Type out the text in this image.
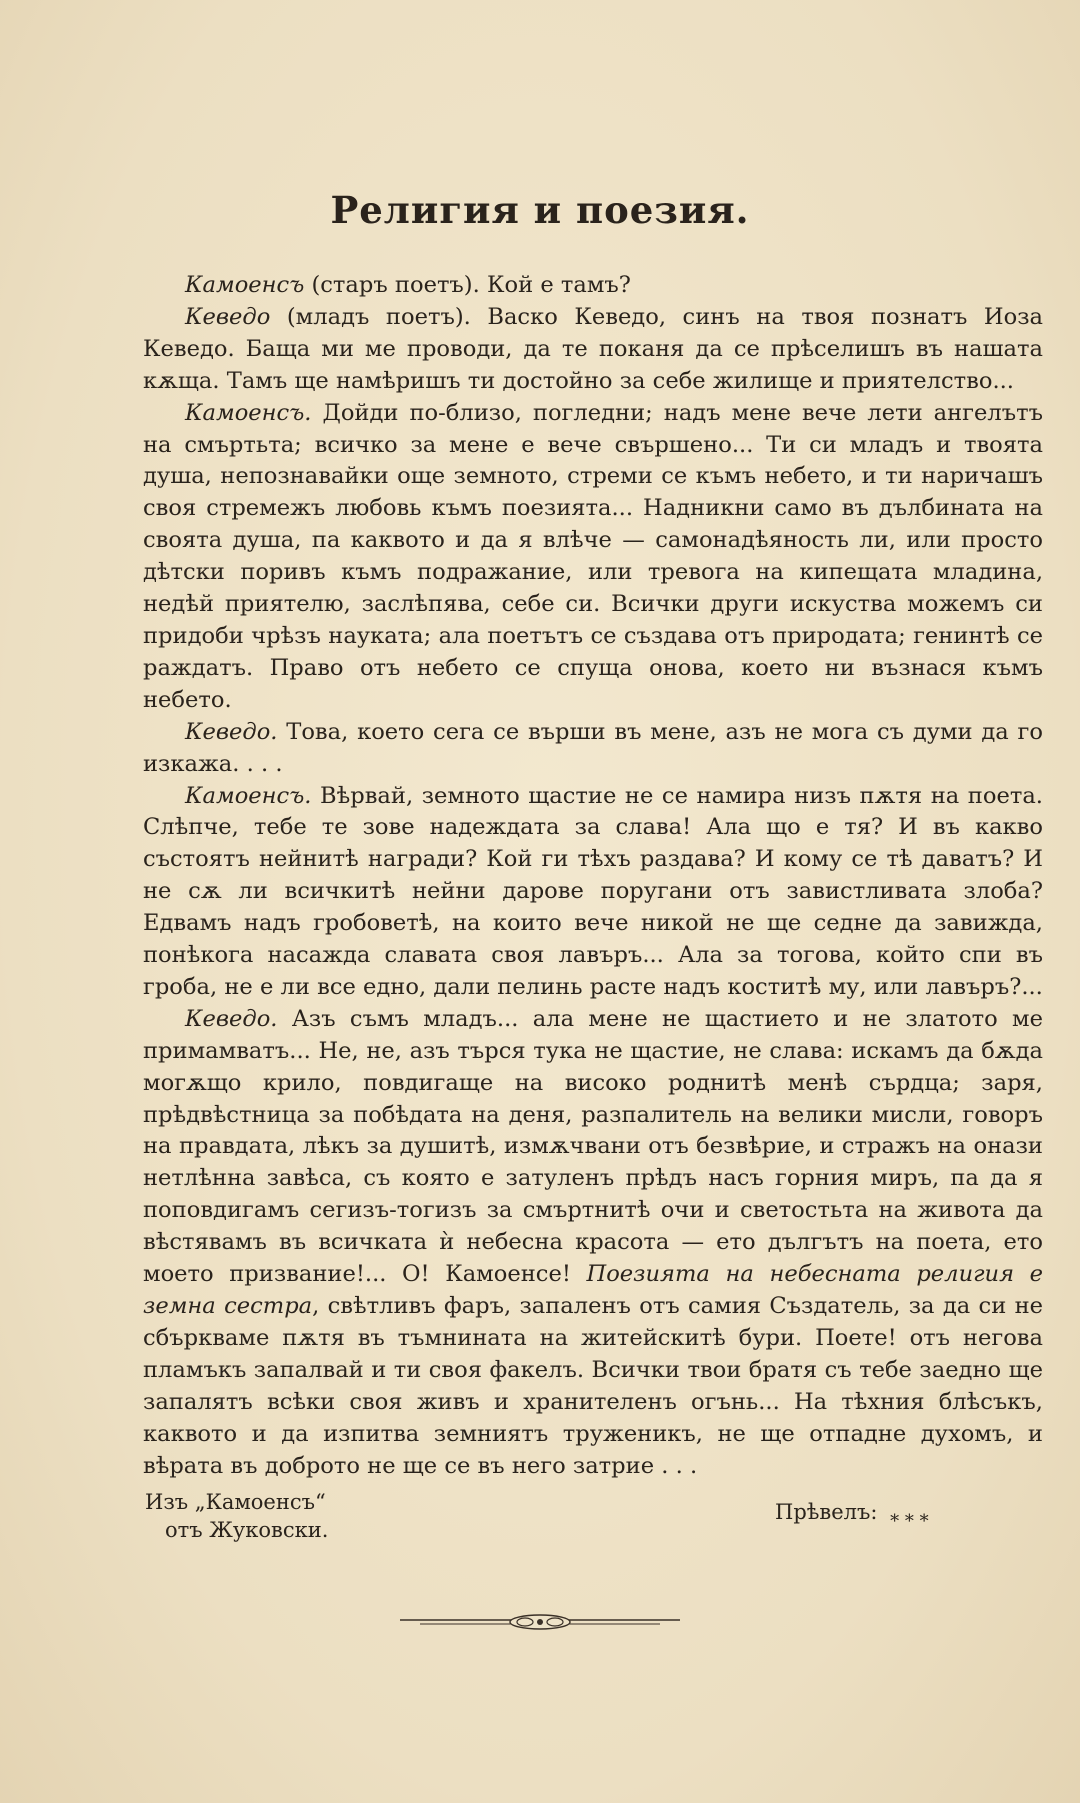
Религия и поезия.

Камоенсъ (старъ поетъ). Кой е тамъ?

Кеведо (младъ поетъ). Васко Кеведо, синъ на твоя познатъ Иоза Кеведо. Баща ми ме проводи, да те поканя да се прѣселишъ въ нашата кѫща. Тамъ ще намѣришъ ти достойно за себе жилище и приятелство...

Камоенсъ. Дойди по-близо, погледни; надъ мене вече лети ангелътъ на смъртьта; всичко за мене е вече свършено... Ти си младъ и твоята душа, непознавайки още земното, стреми се къмъ небето, и ти наричашъ своя стремежъ любовь къмъ поезията... Надникни само въ дълбината на своята душа, па каквото и да я влѣче — самонадѣяность ли, или просто дѣтски поривъ къмъ подражание, или тревога на кипещата младина, недѣй приятелю, заслѣпява, себе си. Всички други искуства можемъ си придоби чрѣзъ науката; ала поетътъ се създава отъ природата; генинтѣ се раждатъ. Право отъ небето се спуща онова, което ни възнася къмъ небето.

Кеведо. Това, което сега се върши въ мене, азъ не мога съ думи да го изкажа. . . .

Камоенсъ. Вѣрвай, земното щастие не се намира низъ пѫтя на поета. Слѣпче, тебе те зове надеждата за слава! Ала що е тя? И въ какво състоятъ нейнитѣ награди? Кой ги тѣхъ раздава? И кому се тѣ даватъ? И не сѫ ли всичкитѣ нейни дарове поругани отъ завистливата злоба? Едвамъ надъ гробоветѣ, на които вече никой не ще седне да завижда, понѣкога насажда славата своя лавъръ... Ала за тогова, който спи въ гроба, не е ли все едно, дали пелинь расте надъ коститѣ му, или лавъръ?...

Кеведо. Азъ съмъ младъ... ала мене не щастието и не златото ме примамватъ... Не, не, азъ търся тука не щастие, не слава: искамъ да бѫда могѫщо крило, повдигаще на високо роднитѣ менѣ сърдца; заря, прѣдвѣстница за побѣдата на деня, разпалитель на велики мисли, говоръ на правдата, лѣкъ за душитѣ, измѫчвани отъ безвѣрие, и стражъ на онази нетлѣнна завѣса, съ която е затуленъ прѣдъ насъ горния миръ, па да я поповдигамъ сегизъ-тогизъ за смъртнитѣ очи и светостьта на живота да вѣстявамъ въ всичката ѝ небесна красота — ето дългътъ на поета, ето моето призвание!... О! Камоенсе! Поезията на небесната религия е земна сестра, свѣтливъ фаръ, запаленъ отъ самия Създатель, за да си не сбъркваме пѫтя въ тъмнината на житейскитѣ бури. Поете! отъ негова пламъкъ запалвай и ти своя факелъ. Всички твои братя съ тебе заедно ще запалятъ всѣки своя живъ и хранителенъ огънь... На тѣхния блѣсъкъ, каквото и да изпитва земниятъ труженикъ, не ще отпадне духомъ, и вѣрата въ доброто не ще се въ него затрие . . .

Изъ „Камоенсъ“
отъ Жуковски.
Прѣвелъ: * * *
